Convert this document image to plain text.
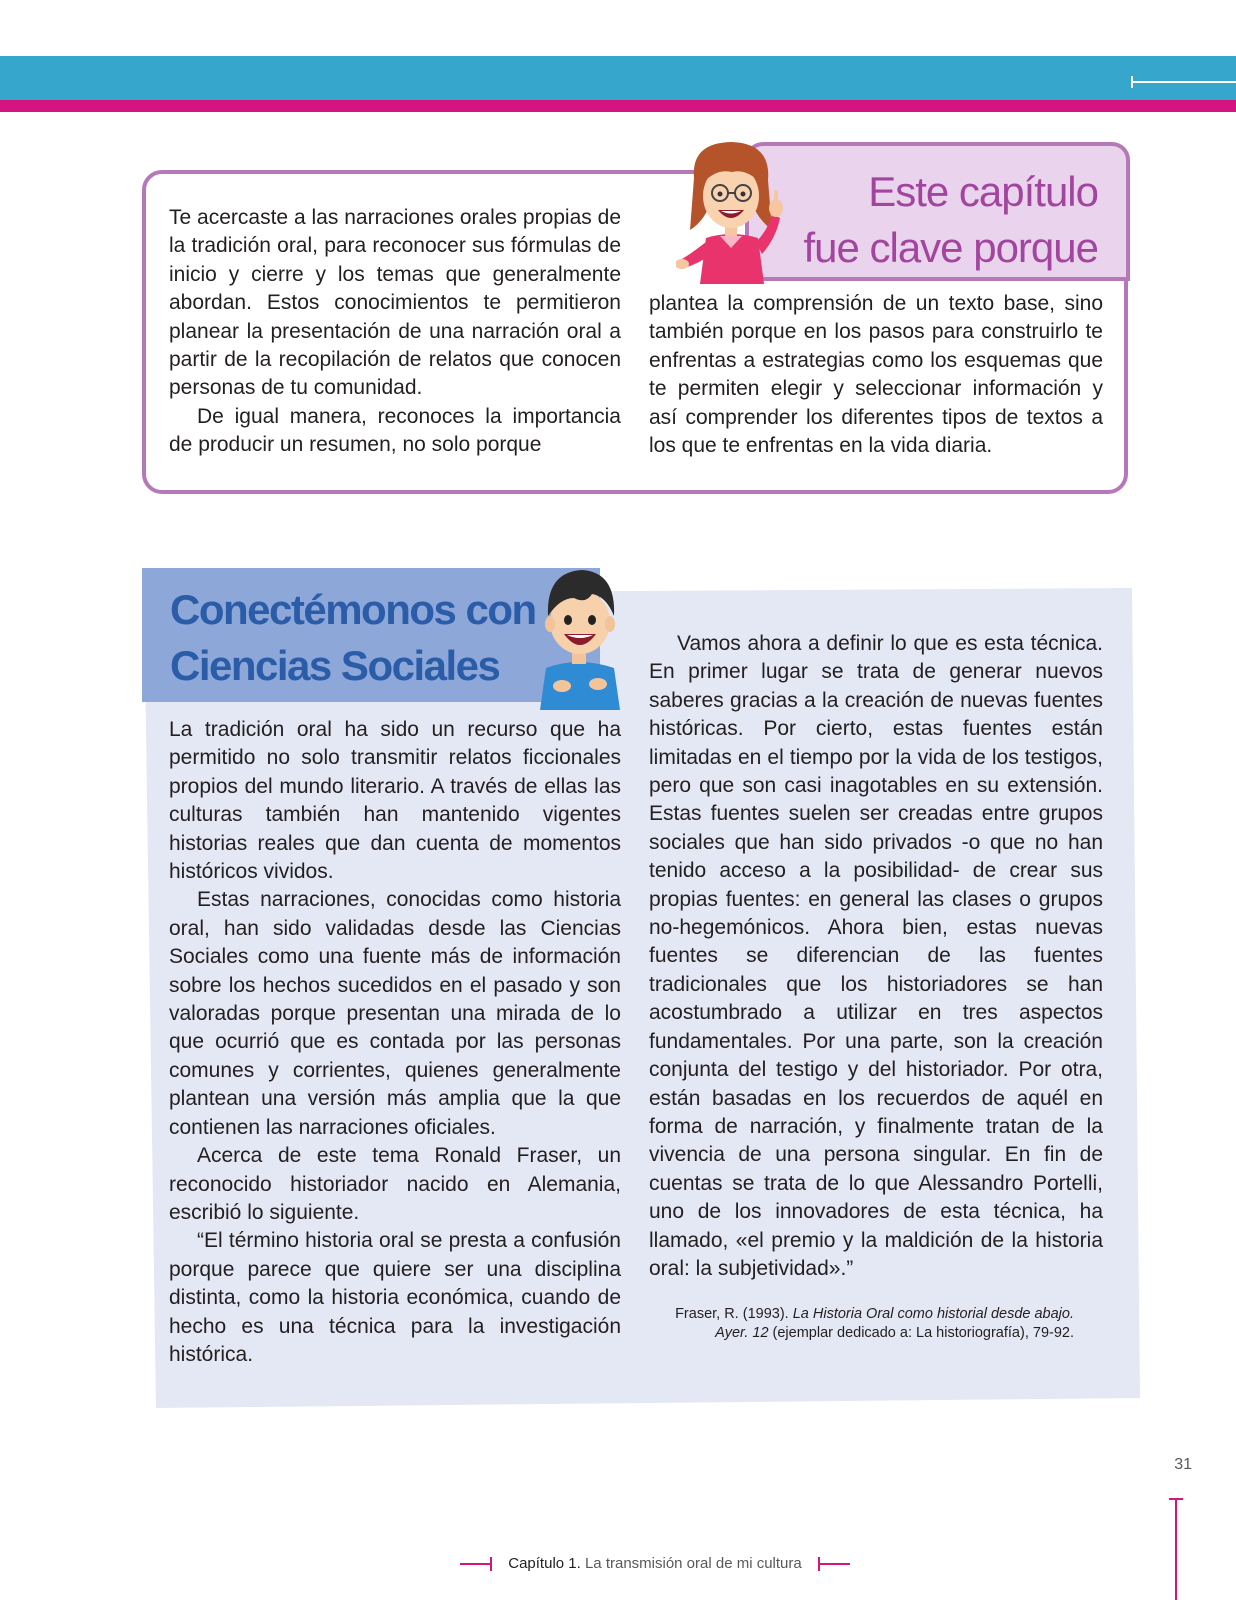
Este capítulo
fue clave porque

Te acercaste a las narraciones orales propias de la tradición oral, para reconocer sus fórmulas de inicio y cierre y los temas que generalmente abordan. Estos conocimientos te permitieron planear la presentación de una narración oral a partir de la recopilación de relatos que conocen personas de tu comunidad.

De igual manera, reconoces la importancia de producir un resumen, no solo porque

plantea la comprensión de un texto base, sino también porque en los pasos para construirlo te enfrentas a estrategias como los esquemas que te permiten elegir y seleccionar información y así comprender los diferentes tipos de textos a los que te enfrentas en la vida diaria.

Conectémonos con
Ciencias Sociales

La tradición oral ha sido un recurso que ha permitido no solo transmitir relatos ficcionales propios del mundo literario. A través de ellas las culturas también han mantenido vigentes historias reales que dan cuenta de momentos históricos vividos.

Estas narraciones, conocidas como historia oral, han sido validadas desde las Ciencias Sociales como una fuente más de información sobre los hechos sucedidos en el pasado y son valoradas porque presentan una mirada de lo que ocurrió que es contada por las personas comunes y corrientes, quienes generalmente plantean una versión más amplia que la que contienen las narraciones oficiales.

Acerca de este tema Ronald Fraser, un reconocido historiador nacido en Alemania, escribió lo siguiente.

“El término historia oral se presta a confusión porque parece que quiere ser una disciplina distinta, como la historia económica, cuando de hecho es una técnica para la investigación histórica.

Vamos ahora a definir lo que es esta técnica. En primer lugar se trata de generar nuevos saberes gracias a la creación de nuevas fuentes históricas. Por cierto, estas fuentes están limitadas en el tiempo por la vida de los testigos, pero que son casi inagotables en su extensión. Estas fuentes suelen ser creadas entre grupos sociales que han sido privados -o que no han tenido acceso a la posibilidad- de crear sus propias fuentes: en general las clases o grupos no-hegemónicos. Ahora bien, estas nuevas fuentes se diferencian de las fuentes tradicionales que los historiadores se han acostumbrado a utilizar en tres aspectos fundamentales. Por una parte, son la creación conjunta del testigo y del historiador. Por otra, están basadas en los recuerdos de aquél en forma de narración, y finalmente tratan de la vivencia de una persona singular. En fin de cuentas se trata de lo que Alessandro Portelli, uno de los innovadores de esta técnica, ha llamado, «el premio y la maldición de la historia oral: la subjetividad».”

Fraser, R. (1993). La Historia Oral como historial desde abajo. Ayer. 12 (ejemplar dedicado a: La historiografía), 79-92.

31

Capítulo 1. La transmisión oral de mi cultura
